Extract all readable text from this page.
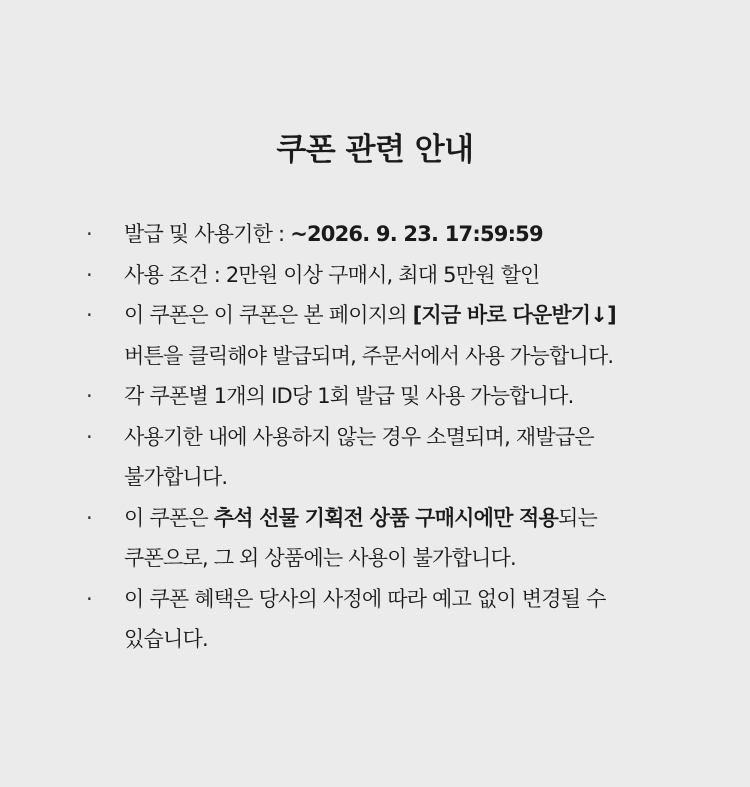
쿠폰 관련 안내
· 발급 및 사용기한 : ~2026. 9. 23. 17:59:59
· 사용 조건 : 2만원 이상 구매시, 최대 5만원 할인
· 이 쿠폰은 이 쿠폰은 본 페이지의 [지금 바로 다운받기↓]
버튼을 클릭해야 발급되며, 주문서에서 사용 가능합니다.
· 각 쿠폰별 1개의 ID당 1회 발급 및 사용 가능합니다.
· 사용기한 내에 사용하지 않는 경우 소멸되며, 재발급은
불가합니다.
· 이 쿠폰은 추석 선물 기획전 상품 구매시에만 적용되는
쿠폰으로, 그 외 상품에는 사용이 불가합니다.
· 이 쿠폰 혜택은 당사의 사정에 따라 예고 없이 변경될 수
있습니다.
